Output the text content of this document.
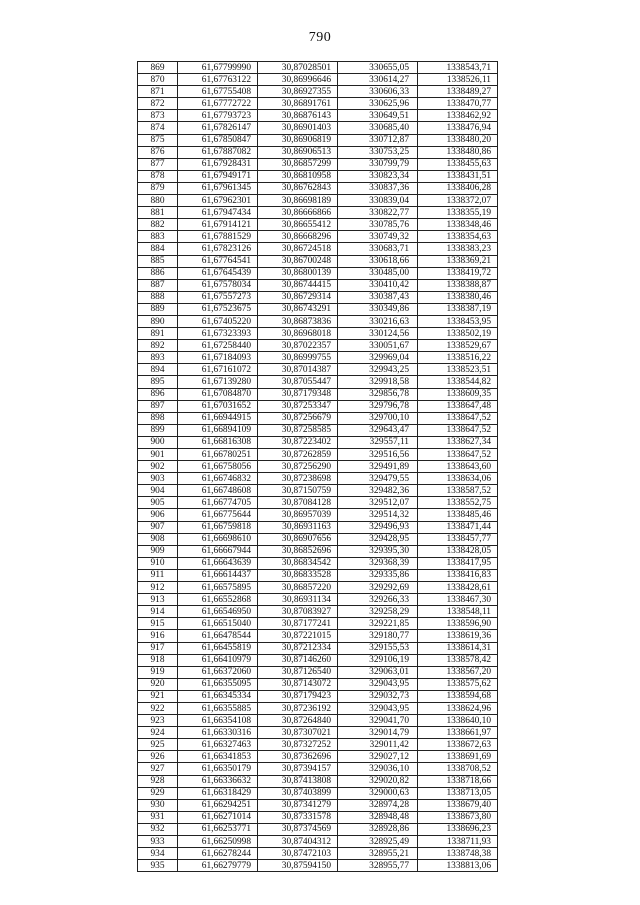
790
869	61,67799990	30,87028501	330655,05	1338543,71
870	61,67763122	30,86996646	330614,27	1338526,11
871	61,67755408	30,86927355	330606,33	1338489,27
872	61,67772722	30,86891761	330625,96	1338470,77
873	61,67793723	30,86876143	330649,51	1338462,92
874	61,67826147	30,86901403	330685,40	1338476,94
875	61,67850847	30,86906819	330712,87	1338480,20
876	61,67887082	30,86906513	330753,25	1338480,86
877	61,67928431	30,86857299	330799,79	1338455,63
878	61,67949171	30,86810958	330823,34	1338431,51
879	61,67961345	30,86762843	330837,36	1338406,28
880	61,67962301	30,86698189	330839,04	1338372,07
881	61,67947434	30,86666866	330822,77	1338355,19
882	61,67914121	30,86655412	330785,76	1338348,46
883	61,67881529	30,86668296	330749,32	1338354,63
884	61,67823126	30,86724518	330683,71	1338383,23
885	61,67764541	30,86700248	330618,66	1338369,21
886	61,67645439	30,86800139	330485,00	1338419,72
887	61,67578034	30,86744415	330410,42	1338388,87
888	61,67557273	30,86729314	330387,43	1338380,46
889	61,67523675	30,86743291	330349,86	1338387,19
890	61,67405220	30,86873836	330216,63	1338453,95
891	61,67323393	30,86968018	330124,56	1338502,19
892	61,67258440	30,87022357	330051,67	1338529,67
893	61,67184093	30,86999755	329969,04	1338516,22
894	61,67161072	30,87014387	329943,25	1338523,51
895	61,67139280	30,87055447	329918,58	1338544,82
896	61,67084870	30,87179348	329856,78	1338609,35
897	61,67031652	30,87253347	329796,78	1338647,48
898	61,66944915	30,87256679	329700,10	1338647,52
899	61,66894109	30,87258585	329643,47	1338647,52
900	61,66816308	30,87223402	329557,11	1338627,34
901	61,66780251	30,87262859	329516,56	1338647,52
902	61,66758056	30,87256290	329491,89	1338643,60
903	61,66746832	30,87238698	329479,55	1338634,06
904	61,66748608	30,87150759	329482,36	1338587,52
905	61,66774705	30,87084128	329512,07	1338552,75
906	61,66775644	30,86957039	329514,32	1338485,46
907	61,66759818	30,86931163	329496,93	1338471,44
908	61,66698610	30,86907656	329428,95	1338457,77
909	61,66667944	30,86852696	329395,30	1338428,05
910	61,66643639	30,86834542	329368,39	1338417,95
911	61,66614437	30,86833528	329335,86	1338416,83
912	61,66575895	30,86857220	329292,69	1338428,61
913	61,66552868	30,86931134	329266,33	1338467,30
914	61,66546950	30,87083927	329258,29	1338548,11
915	61,66515040	30,87177241	329221,85	1338596,90
916	61,66478544	30,87221015	329180,77	1338619,36
917	61,66455819	30,87212334	329155,53	1338614,31
918	61,66410979	30,87146260	329106,19	1338578,42
919	61,66372060	30,87126540	329063,01	1338567,20
920	61,66355095	30,87143072	329043,95	1338575,62
921	61,66345334	30,87179423	329032,73	1338594,68
922	61,66355885	30,87236192	329043,95	1338624,96
923	61,66354108	30,87264840	329041,70	1338640,10
924	61,66330316	30,87307021	329014,79	1338661,97
925	61,66327463	30,87327252	329011,42	1338672,63
926	61,66341853	30,87362696	329027,12	1338691,69
927	61,66350179	30,87394157	329036,10	1338708,52
928	61,66336632	30,87413808	329020,82	1338718,66
929	61,66318429	30,87403899	329000,63	1338713,05
930	61,66294251	30,87341279	328974,28	1338679,40
931	61,66271014	30,87331578	328948,48	1338673,80
932	61,66253771	30,87374569	328928,86	1338696,23
933	61,66250998	30,87404312	328925,49	1338711,93
934	61,66278244	30,87472103	328955,21	1338748,38
935	61,66279779	30,87594150	328955,77	1338813,06
